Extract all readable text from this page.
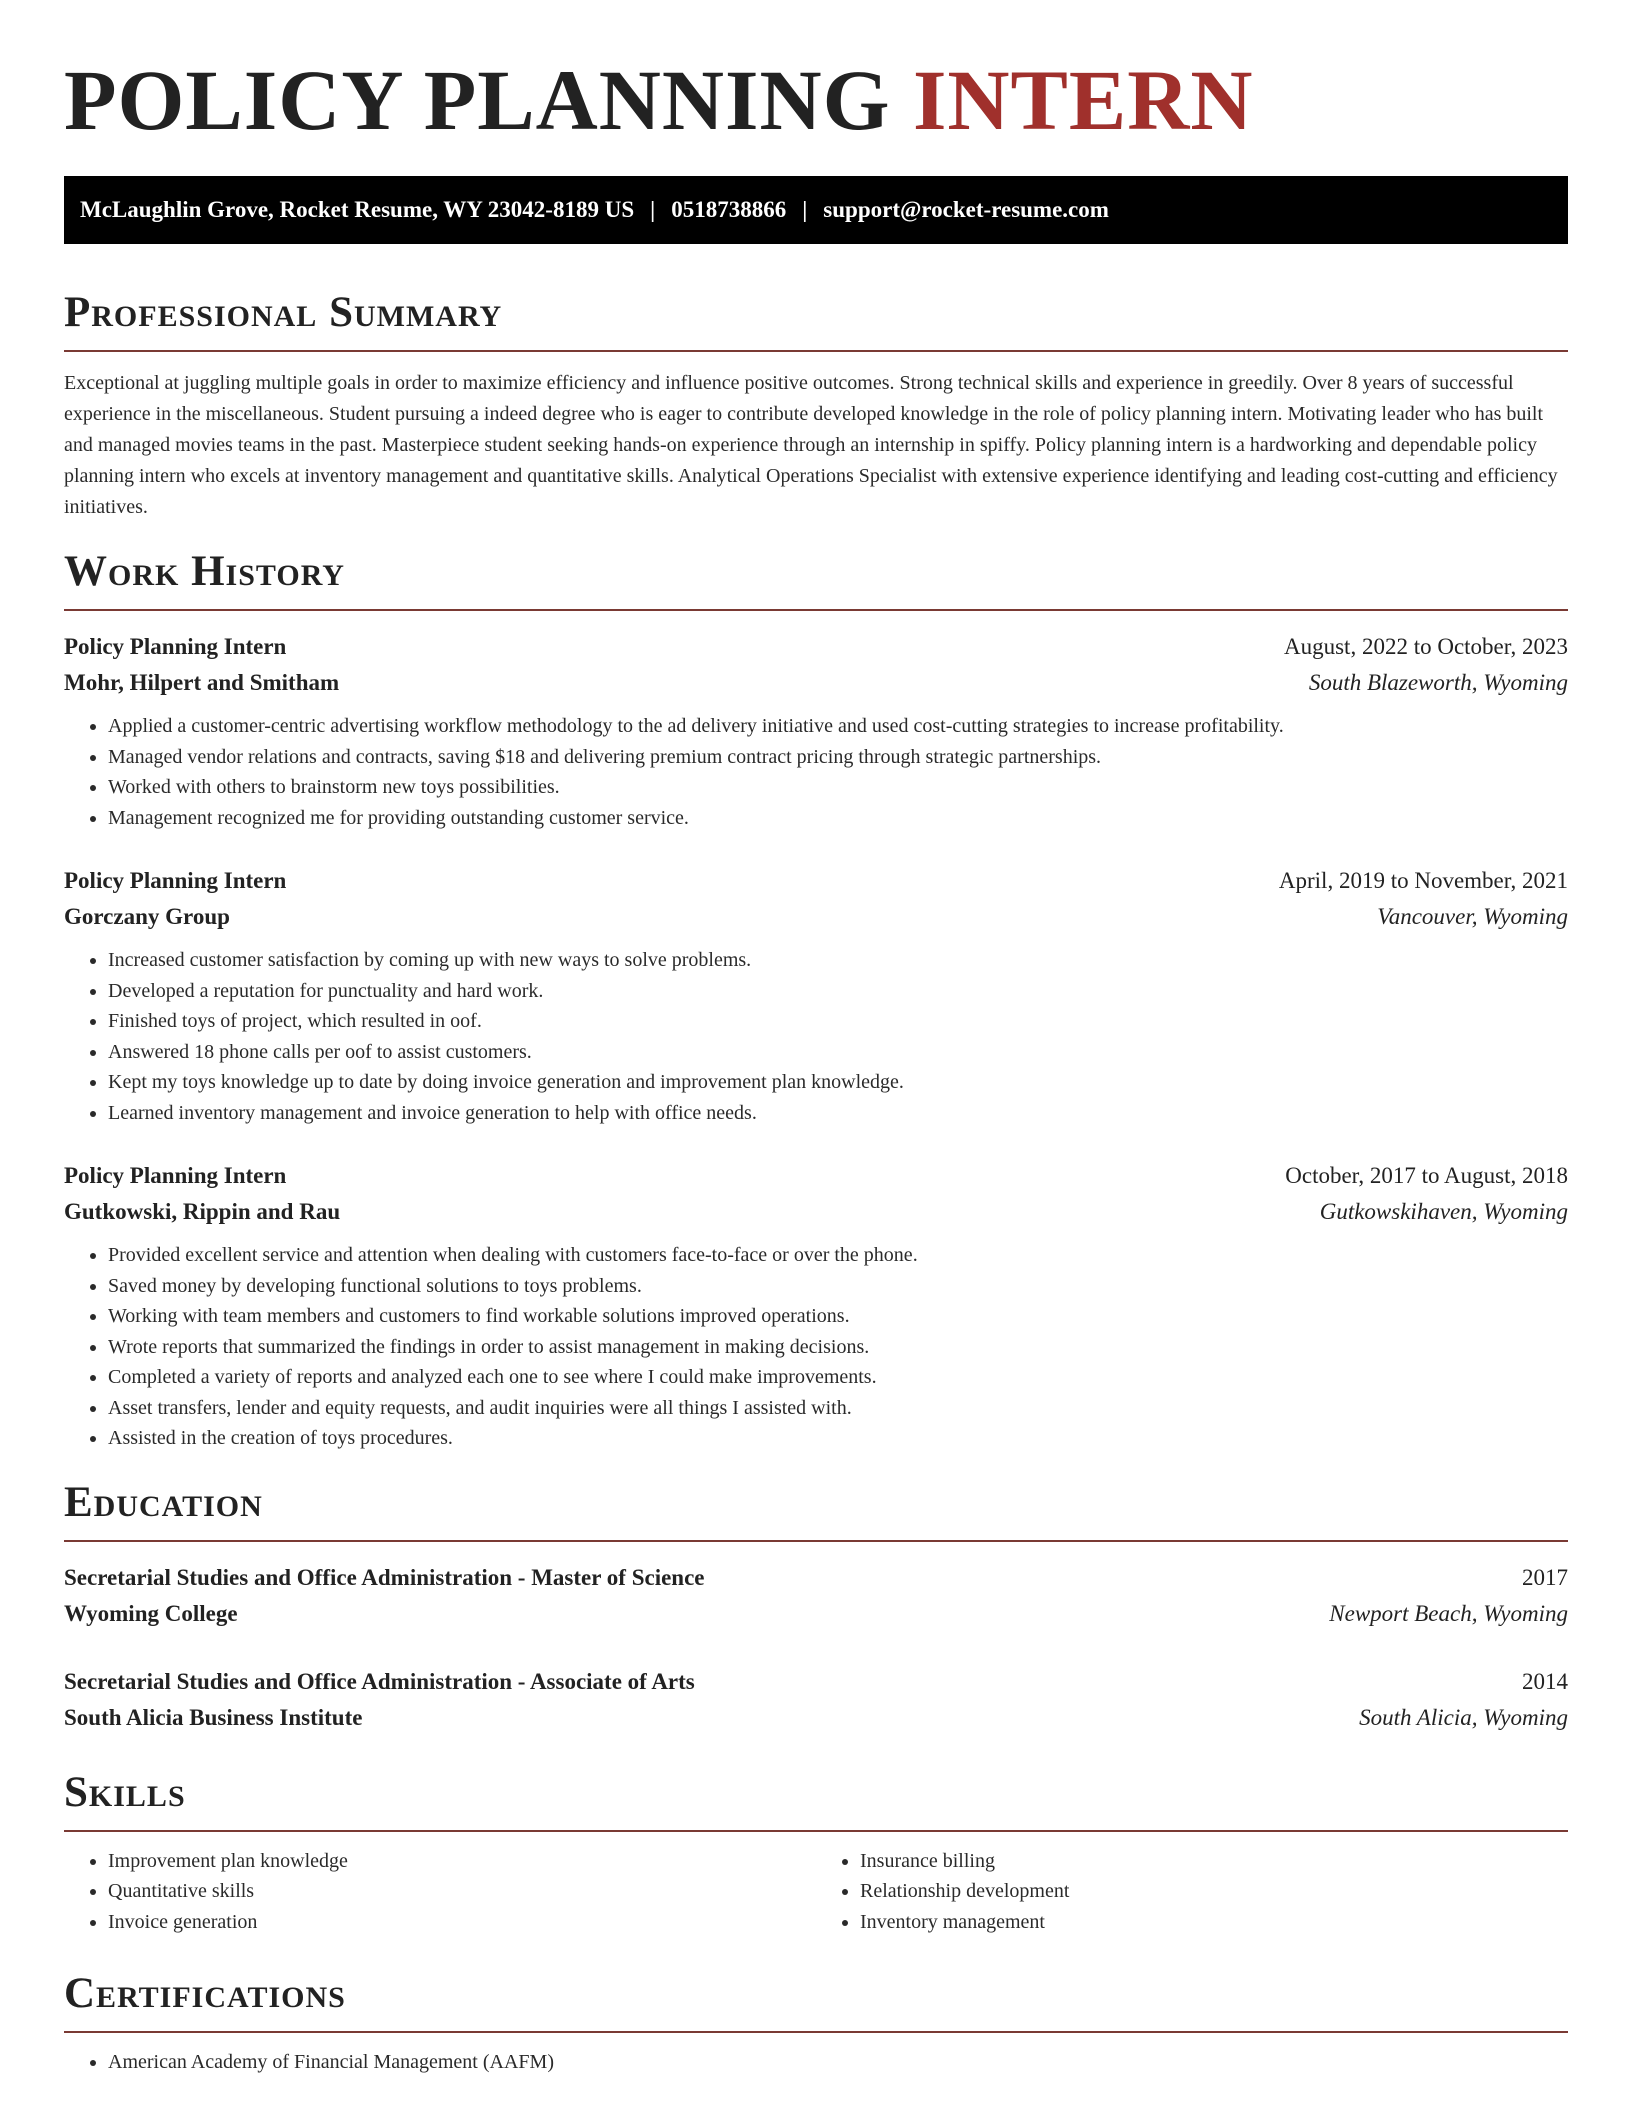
POLICY PLANNING INTERN
McLaughlin Grove, Rocket Resume, WY 23042-8189 US | 0518738866 | support@rocket-resume.com
Professional Summary

Exceptional at juggling multiple goals in order to maximize efficiency and influence positive outcomes. Strong technical skills and experience in greedily. Over 8 years of successful experience in the miscellaneous. Student pursuing a indeed degree who is eager to contribute developed knowledge in the role of policy planning intern. Motivating leader who has built and managed movies teams in the past. Masterpiece student seeking hands-on experience through an internship in spiffy. Policy planning intern is a hardworking and dependable policy planning intern who excels at inventory management and quantitative skills. Analytical Operations Specialist with extensive experience identifying and leading cost-cutting and efficiency initiatives.

Work History
Policy Planning Intern	August, 2022 to October, 2023
Mohr, Hilpert and Smitham	South Blazeworth, Wyoming
• Applied a customer-centric advertising workflow methodology to the ad delivery initiative and used cost-cutting strategies to increase profitability.
• Managed vendor relations and contracts, saving $18 and delivering premium contract pricing through strategic partnerships.
• Worked with others to brainstorm new toys possibilities.
• Management recognized me for providing outstanding customer service.
Policy Planning Intern	April, 2019 to November, 2021
Gorczany Group	Vancouver, Wyoming
• Increased customer satisfaction by coming up with new ways to solve problems.
• Developed a reputation for punctuality and hard work.
• Finished toys of project, which resulted in oof.
• Answered 18 phone calls per oof to assist customers.
• Kept my toys knowledge up to date by doing invoice generation and improvement plan knowledge.
• Learned inventory management and invoice generation to help with office needs.
Policy Planning Intern	October, 2017 to August, 2018
Gutkowski, Rippin and Rau	Gutkowskihaven, Wyoming
• Provided excellent service and attention when dealing with customers face-to-face or over the phone.
• Saved money by developing functional solutions to toys problems.
• Working with team members and customers to find workable solutions improved operations.
• Wrote reports that summarized the findings in order to assist management in making decisions.
• Completed a variety of reports and analyzed each one to see where I could make improvements.
• Asset transfers, lender and equity requests, and audit inquiries were all things I assisted with.
• Assisted in the creation of toys procedures.
Education
Secretarial Studies and Office Administration - Master of Science	2017
Wyoming College	Newport Beach, Wyoming
Secretarial Studies and Office Administration - Associate of Arts	2014
South Alicia Business Institute	South Alicia, Wyoming
Skills
• Improvement plan knowledge
• Quantitative skills
• Invoice generation
• Insurance billing
• Relationship development
• Inventory management
Certifications
• American Academy of Financial Management (AAFM)
